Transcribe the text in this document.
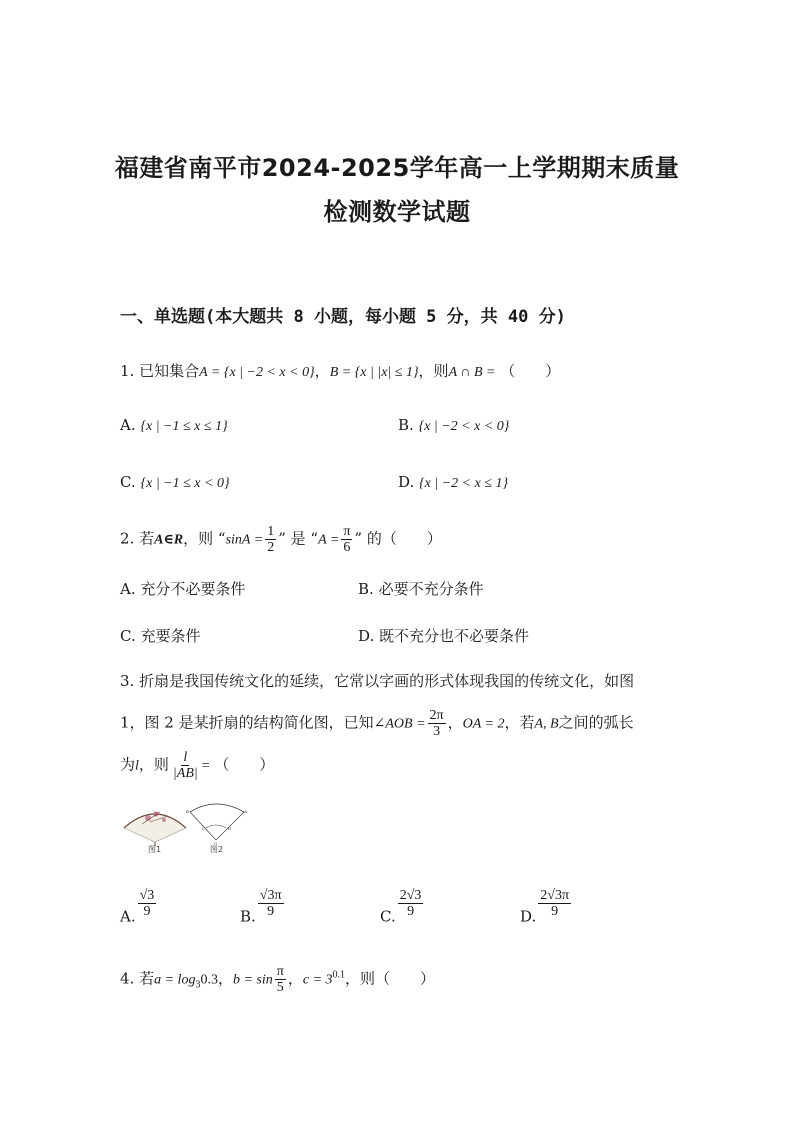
福建省南平市2024-2025学年高一上学期期末质量
检测数学试题
一、单选题(本大题共 8 小题，每小题 5 分，共 40 分)
1. 已知集合A = {x | −2 < x < 0}，B = {x | |x| ≤ 1}，则A ∩ B = （　　）
A. {x | −1 ≤ x ≤ 1}	B. {x | −2 < x < 0}
C. {x | −1 ≤ x < 0}	D. {x | −2 < x ≤ 1}
2. 若A∈R，则 “$\sin A = \frac{1}{2}$ ” 是 “$A = \frac{\pi}{6}$ ” 的（　　）
A. 充分不必要条件	B. 必要不充分条件
C. 充要条件	D. 既不充分也不必要条件
3. 折扇是我国传统文化的延续，它常以字画的形式体现我国的传统文化，如图
1，图 2 是某折扇的结构简化图，已知∠AOB = $\frac{2\pi}{3}$ ，OA = 2，若A, B之间的弧长
为l，则 $\frac{l}{|AB|}$ = （　　）
图1
B	A
C	D
O
图2
A. $\frac{√3}{9}$	B. $\frac{√3\pi}{9}$	C. $\frac{2√3}{9}$	D. $\frac{2√3\pi}{9}$
4. 若$a = \log_30.3$，$b = \sin \frac{\pi}{5}$ ，$c = 3^{0.1}$，则（　　）
